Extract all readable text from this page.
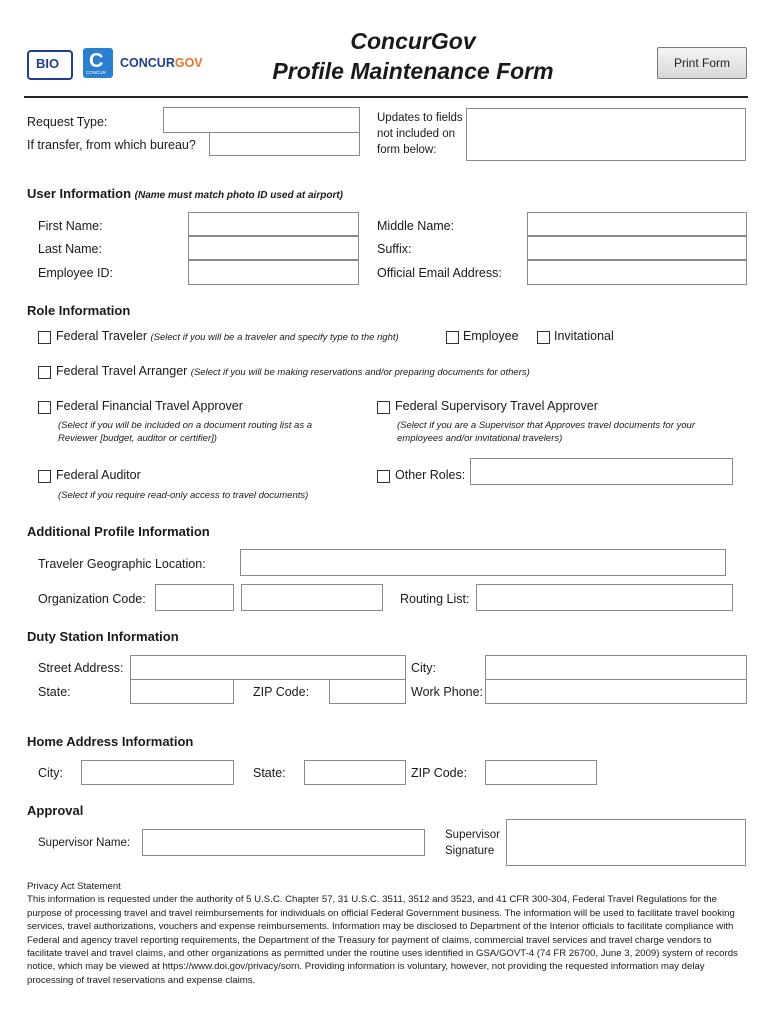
BIO C
CONCUR
CONCURGOV
ConcurGov
Profile Maintenance Form	Print Form
Request Type:
If transfer, from which bureau?
Updates to fields
not included on
form below:
User Information (Name must match photo ID used at airport)
First Name:
Last Name:
Employee ID:
Middle Name:
Suffix:
Official Email Address:
Role Information
Federal Traveler (Select if you will be a traveler and specify type to the right)	Employee	Invitational
Federal Travel Arranger (Select if you will be making reservations and/or preparing documents for others)
Federal Financial Travel Approver
(Select if you will be included on a document routing list as a
Reviewer [budget, auditor or certifier])
Federal Supervisory Travel Approver
(Select if you are a Supervisor that Approves travel documents for your
employees and/or invitational travelers)
Federal Auditor
(Select if you require read-only access to travel documents)
Other Roles:
Additional Profile Information
Traveler Geographic Location:
Organization Code:	Routing List:
Duty Station Information
Street Address:	City:
State:	ZIP Code:	Work Phone:
Home Address Information
City:	State:	ZIP Code:
Approval
Supervisor Name:
Supervisor
Signature
Privacy Act Statement
This information is requested under the authority of 5 U.S.C. Chapter 57, 31 U.S.C. 3511, 3512 and 3523, and 41 CFR 300-304, Federal Travel Regulations for the purpose of processing travel and travel reimbursements for individuals on official Federal Government business. The information will be used to facilitate travel booking services, travel authorizations, vouchers and expense reimbursements. Information may be disclosed to Department of the Interior officials to facilitate compliance with Federal and agency travel reporting requirements, the Department of the Treasury for payment of claims, commercial travel services and travel charge vendors to facilitate travel and travel claims, and other organizations as permitted under the routine uses identified in GSA/GOVT-4 (74 FR 26700, June 3, 2009) system of records notice, which may be viewed at https://www.doi.gov/privacy/sorn. Providing information is voluntary, however, not providing the requested information may delay processing of travel reservations and expense claims.
